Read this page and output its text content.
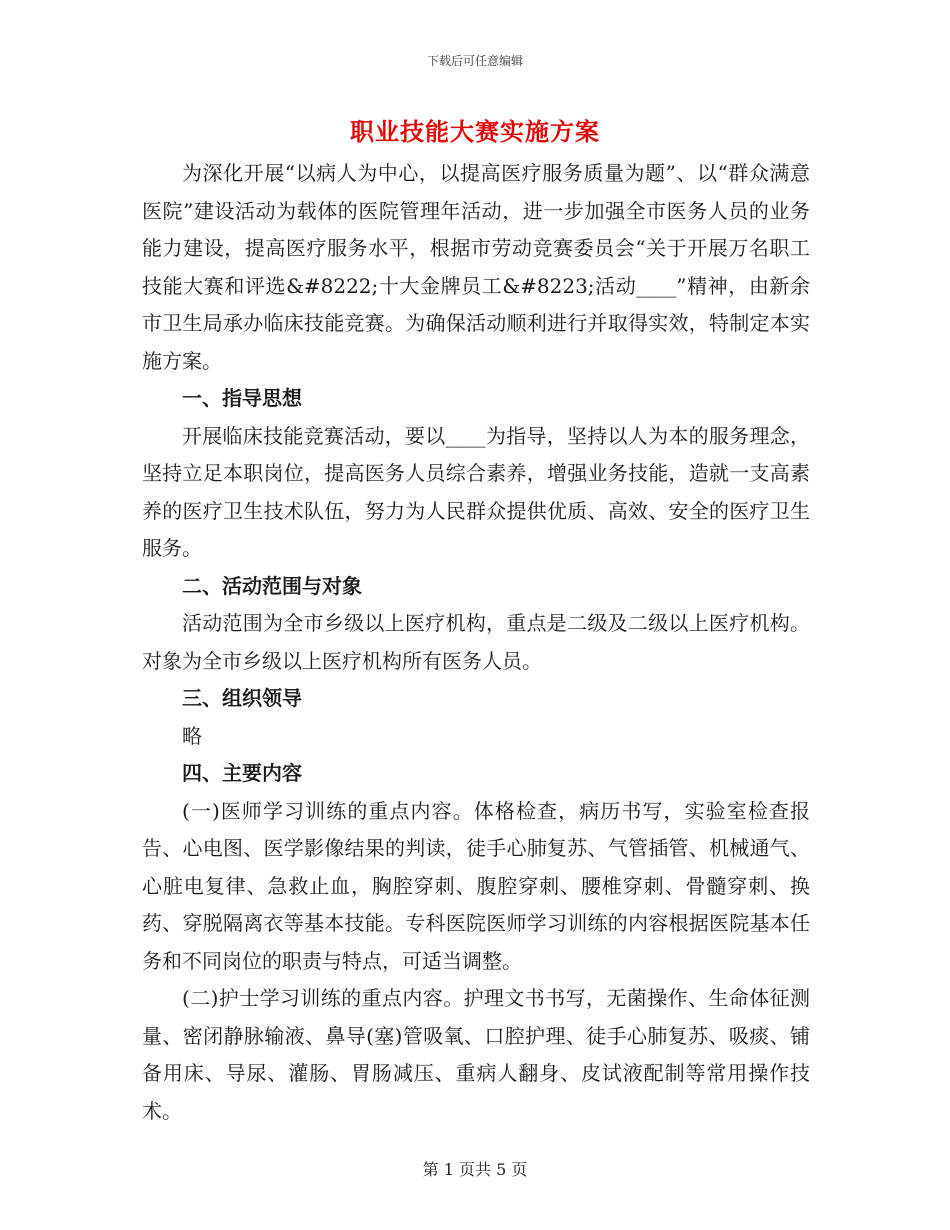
下载后可任意编辑
职业技能大赛实施方案

为深化开展“以病人为中心，以提高医疗服务质量为题”、以“群众满意医院”建设活动为载体的医院管理年活动，进一步加强全市医务人员的业务能力建设，提高医疗服务水平，根据市劳动竞赛委员会“关于开展万名职工技能大赛和评选&#8222;十大金牌员工&#8223;活动____”精神，由新余市卫生局承办临床技能竞赛。为确保活动顺利进行并取得实效，特制定本实施方案。

一、指导思想

开展临床技能竞赛活动，要以____为指导，坚持以人为本的服务理念，坚持立足本职岗位，提高医务人员综合素养，增强业务技能，造就一支高素养的医疗卫生技术队伍，努力为人民群众提供优质、高效、安全的医疗卫生服务。

二、活动范围与对象

活动范围为全市乡级以上医疗机构，重点是二级及二级以上医疗机构。对象为全市乡级以上医疗机构所有医务人员。

三、组织领导

略

四、主要内容

(一)医师学习训练的重点内容。体格检查，病历书写，实验室检查报告、心电图、医学影像结果的判读，徒手心肺复苏、气管插管、机械通气、心脏电复律、急救止血，胸腔穿刺、腹腔穿刺、腰椎穿刺、骨髓穿刺、换药、穿脱隔离衣等基本技能。专科医院医师学习训练的内容根据医院基本任务和不同岗位的职责与特点，可适当调整。

(二)护士学习训练的重点内容。护理文书书写，无菌操作、生命体征测量、密闭静脉输液、鼻导(塞)管吸氧、口腔护理、徒手心肺复苏、吸痰、铺备用床、导尿、灌肠、胃肠减压、重病人翻身、皮试液配制等常用操作技术。

第 1 页共 5 页
